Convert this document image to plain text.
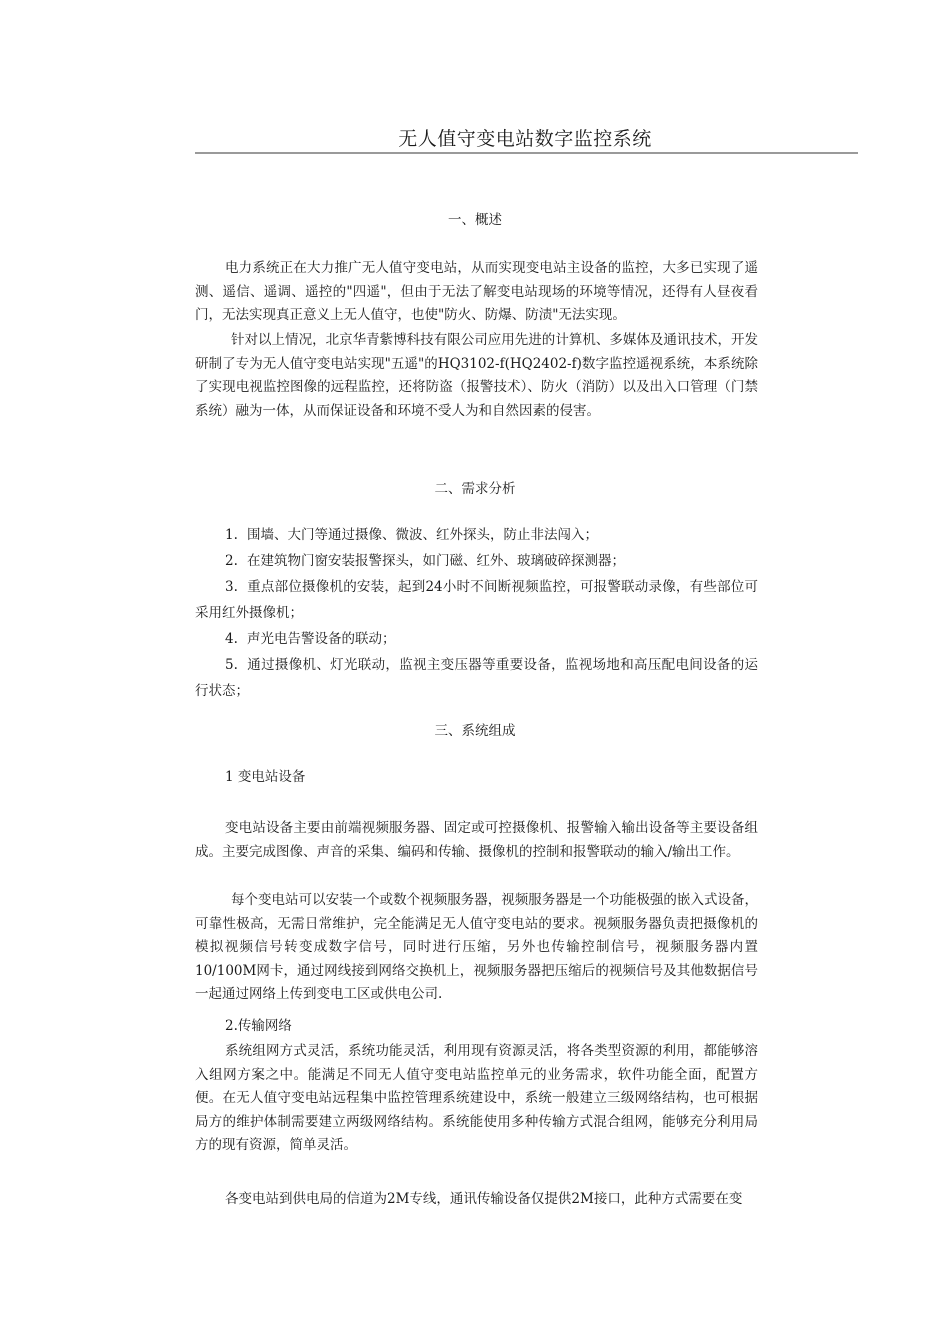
无人值守变电站数字监控系统
一、概述
电力系统正在大力推广无人值守变电站，从而实现变电站主设备的监控，大多已实现了遥测、遥信、遥调、遥控的"四遥"，但由于无法了解变电站现场的环境等情况，还得有人昼夜看门，无法实现真正意义上无人值守，也使"防火、防爆、防渍"无法实现。
针对以上情况，北京华青紫博科技有限公司应用先进的计算机、多媒体及通讯技术，开发研制了专为无人值守变电站实现"五遥"的HQ3102-f(HQ2402-f)数字监控遥视系统，本系统除了实现电视监控图像的远程监控，还将防盗（报警技术）、防火（消防）以及出入口管理（门禁系统）融为一体，从而保证设备和环境不受人为和自然因素的侵害。
二、需求分析
1. 围墙、大门等通过摄像、微波、红外探头，防止非法闯入；
2. 在建筑物门窗安装报警探头，如门磁、红外、玻璃破碎探测器；
3. 重点部位摄像机的安装，起到24小时不间断视频监控，可报警联动录像，有些部位可采用红外摄像机；
4. 声光电告警设备的联动；
5. 通过摄像机、灯光联动，监视主变压器等重要设备，监视场地和高压配电间设备的运行状态；
三、系统组成
1 变电站设备
变电站设备主要由前端视频服务器、固定或可控摄像机、报警输入输出设备等主要设备组成。主要完成图像、声音的采集、编码和传输、摄像机的控制和报警联动的输入/输出工作。
每个变电站可以安装一个或数个视频服务器，视频服务器是一个功能极强的嵌入式设备，可靠性极高，无需日常维护，完全能满足无人值守变电站的要求。视频服务器负责把摄像机的模拟视频信号转变成数字信号，同时进行压缩，另外也传输控制信号，视频服务器内置10/100M网卡，通过网线接到网络交换机上，视频服务器把压缩后的视频信号及其他数据信号一起通过网络上传到变电工区或供电公司.
2.传输网络
系统组网方式灵活，系统功能灵活，利用现有资源灵活，将各类型资源的利用，都能够溶入组网方案之中。能满足不同无人值守变电站监控单元的业务需求，软件功能全面，配置方便。在无人值守变电站远程集中监控管理系统建设中，系统一般建立三级网络结构，也可根据局方的维护体制需要建立两级网络结构。系统能使用多种传输方式混合组网，能够充分利用局方的现有资源，简单灵活。
各变电站到供电局的信道为2M专线，通讯传输设备仅提供2M接口，此种方式需要在变
